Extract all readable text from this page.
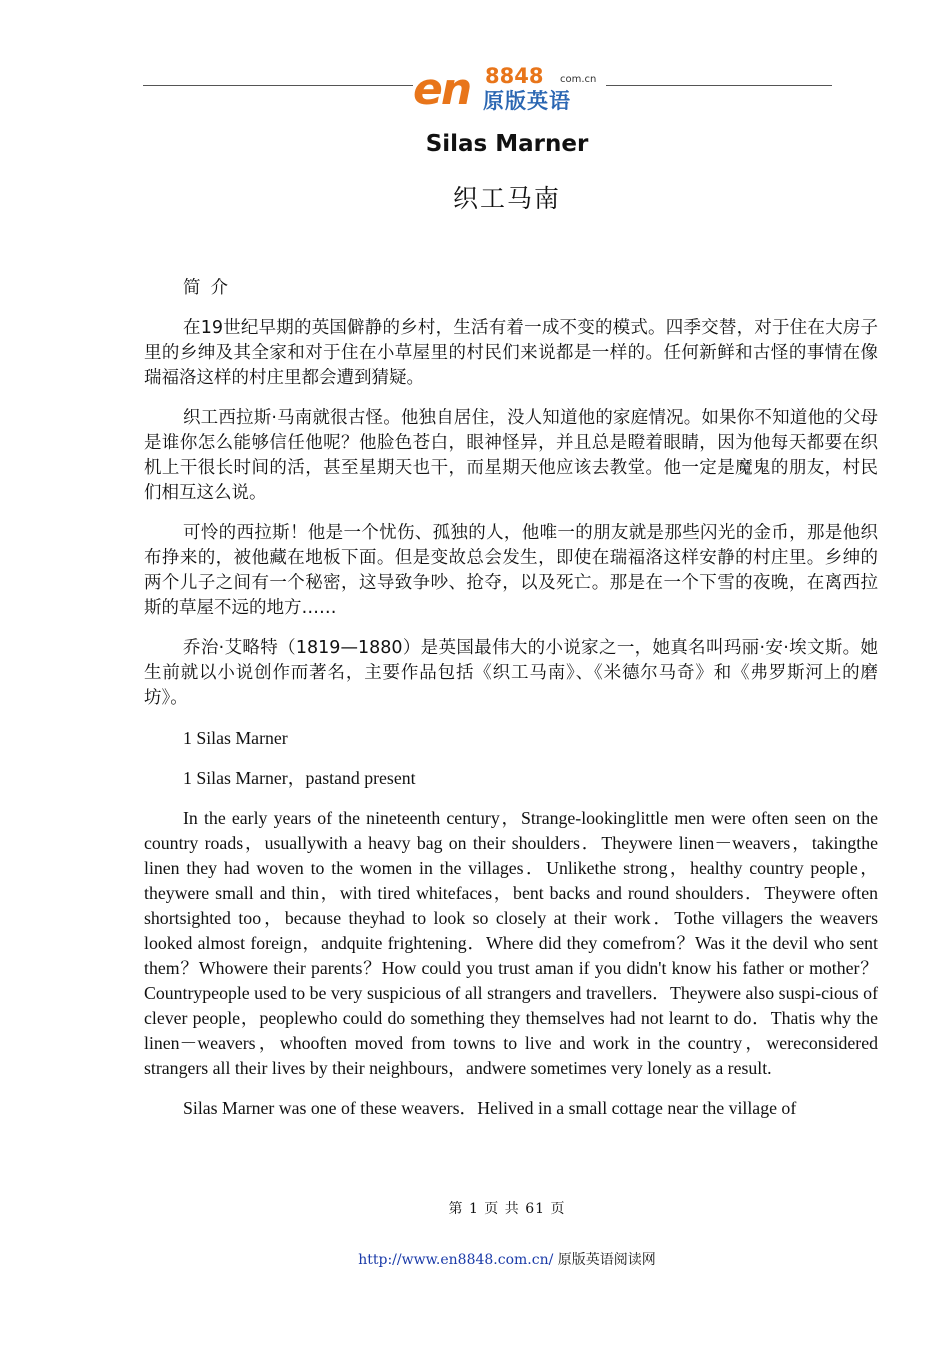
en 8848 com.cn
原版英语
Silas Marner
织工马南

简介

在19世纪早期的英国僻静的乡村，生活有着一成不变的模式。四季交替，对于住在大房子里的乡绅及其全家和对于住在小草屋里的村民们来说都是一样的。任何新鲜和古怪的事情在像瑞福洛这样的村庄里都会遭到猜疑。

织工西拉斯·马南就很古怪。他独自居住，没人知道他的家庭情况。如果你不知道他的父母是谁你怎么能够信任他呢？他脸色苍白，眼神怪异，并且总是瞪着眼睛，因为他每天都要在织机上干很长时间的活，甚至星期天也干，而星期天他应该去教堂。他一定是魔鬼的朋友，村民们相互这么说。

可怜的西拉斯！他是一个忧伤、孤独的人，他唯一的朋友就是那些闪光的金币，那是他织布挣来的，被他藏在地板下面。但是变故总会发生，即使在瑞福洛这样安静的村庄里。乡绅的两个儿子之间有一个秘密，这导致争吵、抢夺，以及死亡。那是在一个下雪的夜晚，在离西拉斯的草屋不远的地方……

乔治·艾略特（1819—1880）是英国最伟大的小说家之一，她真名叫玛丽·安·埃文斯。她生前就以小说创作而著名，主要作品包括《织工马南》、《米德尔马奇》和《弗罗斯河上的磨坊》。

1 Silas Marner

1 Silas Marner，pastand present

In the early years of the nineteenth century，Strange-lookinglittle men were often seen on the country roads，usuallywith a heavy bag on their shoulders．Theywere linen－weavers，takingthe linen they had woven to the women in the villages．Unlikethe strong，healthy country people，theywere small and thin，with tired whitefaces，bent backs and round shoulders．Theywere often shortsighted too，because theyhad to look so closely at their work．Tothe villagers the weavers looked almost foreign，andquite frightening．Where did they comefrom？Was it the devil who sent them？Whowere their parents？How could you trust aman if you didn't know his father or mother？Countrypeople used to be very suspicious of all strangers and travellers．Theywere also suspi-cious of clever people，peoplewho could do something they themselves had not learnt to do．Thatis why the linen－weavers，whooften moved from towns to live and work in the country，wereconsidered strangers all their lives by their neighbours，andwere sometimes very lonely as a result.

Silas Marner was one of these weavers．Helived in a small cottage near the village of

第 1 页 共 61 页
http://www.en8848.com.cn/ 原版英语阅读网
